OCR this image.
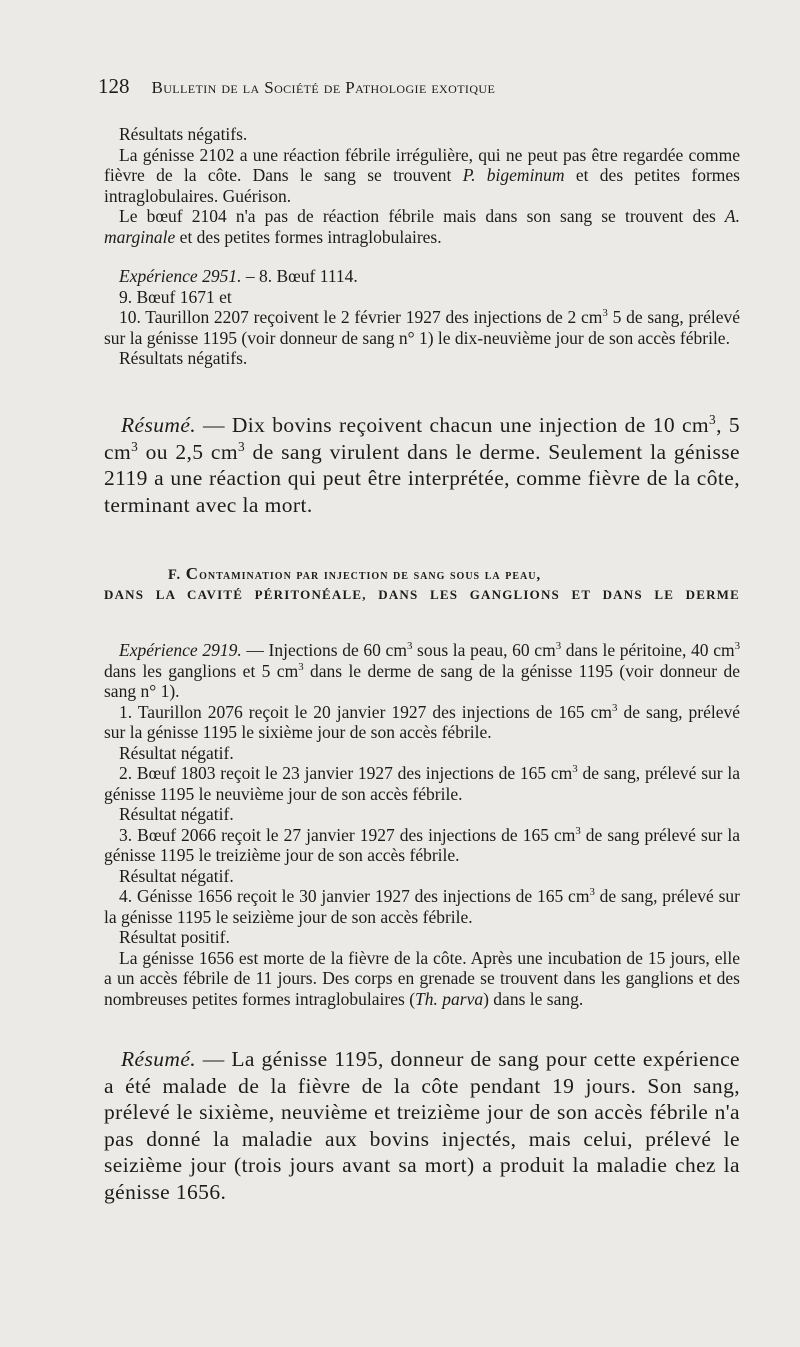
128 Bulletin de la Société de Pathologie exotique

Résultats négatifs.

La génisse 2102 a une réaction fébrile irrégulière, qui ne peut pas être regardée comme fièvre de la côte. Dans le sang se trouvent P. bigeminum et des petites formes intraglobulaires. Guérison.

Le bœuf 2104 n'a pas de réaction fébrile mais dans son sang se trouvent des A. marginale et des petites formes intraglobulaires.

Expérience 2951. – 8. Bœuf 1114.

9. Bœuf 1671 et

10. Taurillon 2207 reçoivent le 2 février 1927 des injections de 2 $cm^3$ 5 de sang, prélevé sur la génisse 1195 (voir donneur de sang n° 1) le dix-neuvième jour de son accès fébrile.

Résultats négatifs.

Résumé. — Dix bovins reçoivent chacun une injection de 10 $cm^3$, 5 $cm^3$ ou 2,5 $cm^3$ de sang virulent dans le derme. Seulement la génisse 2119 a une réaction qui peut être interprétée, comme fièvre de la côte, terminant avec la mort.

F. Contamination par injection de sang sous la peau,
DANS LA CAVITÉ PÉRITONÉALE, DANS LES GANGLIONS ET DANS LE DERME

Expérience 2919. — Injections de 60 $cm^3$ sous la peau, 60 $cm^3$ dans le péritoine, 40 $cm^3$ dans les ganglions et 5 $cm^3$ dans le derme de sang de la génisse 1195 (voir donneur de sang n° 1).

1. Taurillon 2076 reçoit le 20 janvier 1927 des injections de 165 $cm^3$ de sang, prélevé sur la génisse 1195 le sixième jour de son accès fébrile.

Résultat négatif.

2. Bœuf 1803 reçoit le 23 janvier 1927 des injections de 165 $cm^3$ de sang, prélevé sur la génisse 1195 le neuvième jour de son accès fébrile.

Résultat négatif.

3. Bœuf 2066 reçoit le 27 janvier 1927 des injections de 165 $cm^3$ de sang prélevé sur la génisse 1195 le treizième jour de son accès fébrile.

Résultat négatif.

4. Génisse 1656 reçoit le 30 janvier 1927 des injections de 165 $cm^3$ de sang, prélevé sur la génisse 1195 le seizième jour de son accès fébrile.

Résultat positif.

La génisse 1656 est morte de la fièvre de la côte. Après une incubation de 15 jours, elle a un accès fébrile de 11 jours. Des corps en grenade se trouvent dans les ganglions et des nombreuses petites formes intraglobulaires (Th. parva) dans le sang.

Résumé. — La génisse 1195, donneur de sang pour cette expérience a été malade de la fièvre de la côte pendant 19 jours. Son sang, prélevé le sixième, neuvième et treizième jour de son accès fébrile n'a pas donné la maladie aux bovins injectés, mais celui, prélevé le seizième jour (trois jours avant sa mort) a produit la maladie chez la génisse 1656.
